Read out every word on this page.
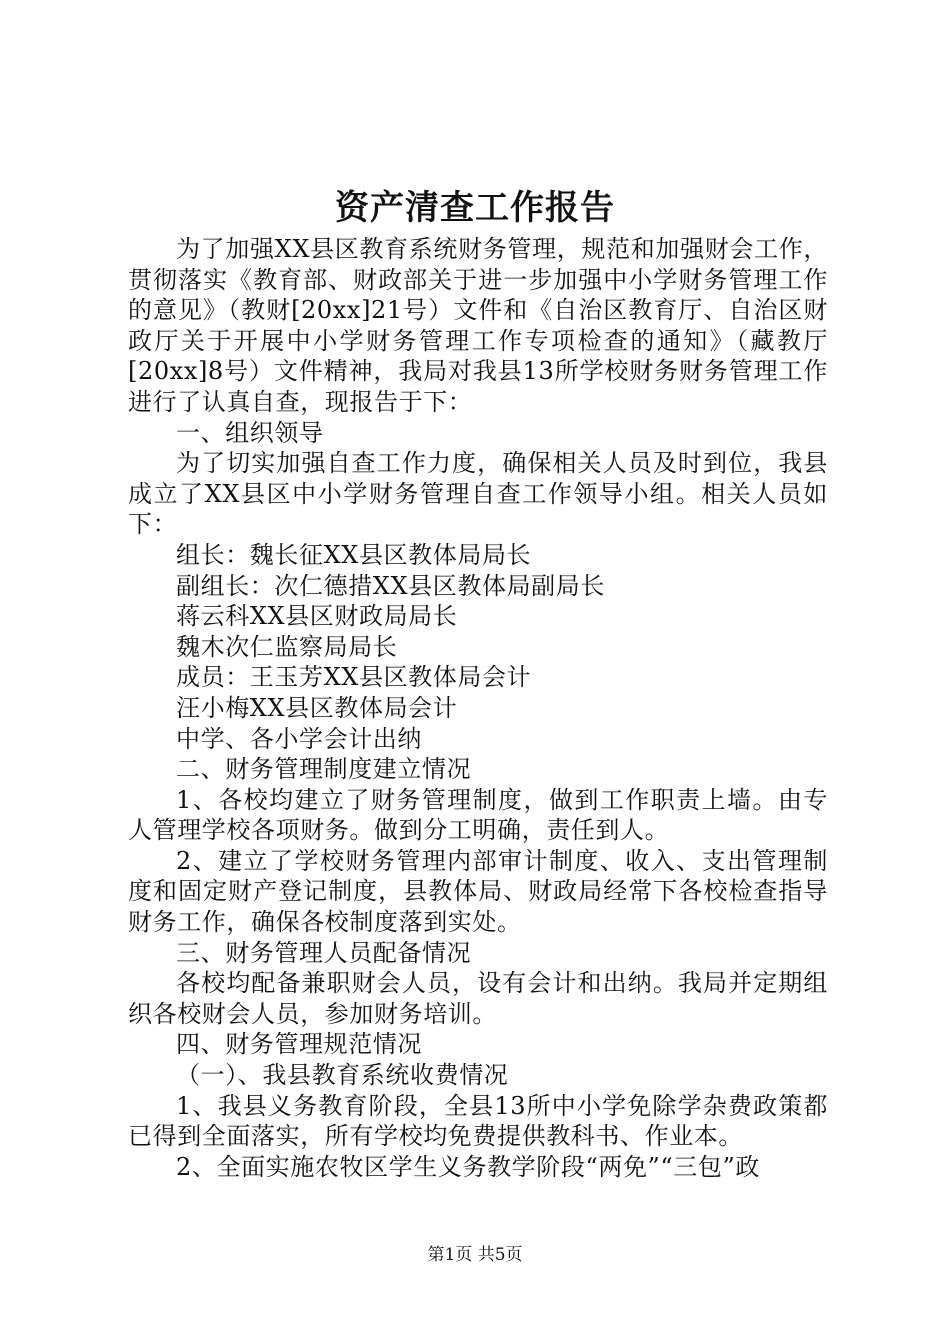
资产清查工作报告

为了加强XX县区教育系统财务管理，规范和加强财会工作，贯彻落实《教育部、财政部关于进一步加强中小学财务管理工作的意见》（教财[20xx]21号）文件和《自治区教育厅、自治区财政厅关于开展中小学财务管理工作专项检查的通知》（藏教厅[20xx]8号）文件精神，我局对我县13所学校财务财务管理工作进行了认真自查，现报告于下：

一、组织领导

为了切实加强自查工作力度，确保相关人员及时到位，我县成立了XX县区中小学财务管理自查工作领导小组。相关人员如下：

组长：魏长征XX县区教体局局长

副组长：次仁德措XX县区教体局副局长

蒋云科XX县区财政局局长

魏木次仁监察局局长

成员：王玉芳XX县区教体局会计

汪小梅XX县区教体局会计

中学、各小学会计出纳

二、财务管理制度建立情况

1、各校均建立了财务管理制度，做到工作职责上墙。由专人管理学校各项财务。做到分工明确，责任到人。

2、建立了学校财务管理内部审计制度、收入、支出管理制度和固定财产登记制度，县教体局、财政局经常下各校检查指导财务工作，确保各校制度落到实处。

三、财务管理人员配备情况

各校均配备兼职财会人员，设有会计和出纳。我局并定期组织各校财会人员，参加财务培训。

四、财务管理规范情况

（一）、我县教育系统收费情况

1、我县义务教育阶段，全县13所中小学免除学杂费政策都已得到全面落实，所有学校均免费提供教科书、作业本。

2、全面实施农牧区学生义务教学阶段“两免”“三包”政

第1页 共5页
